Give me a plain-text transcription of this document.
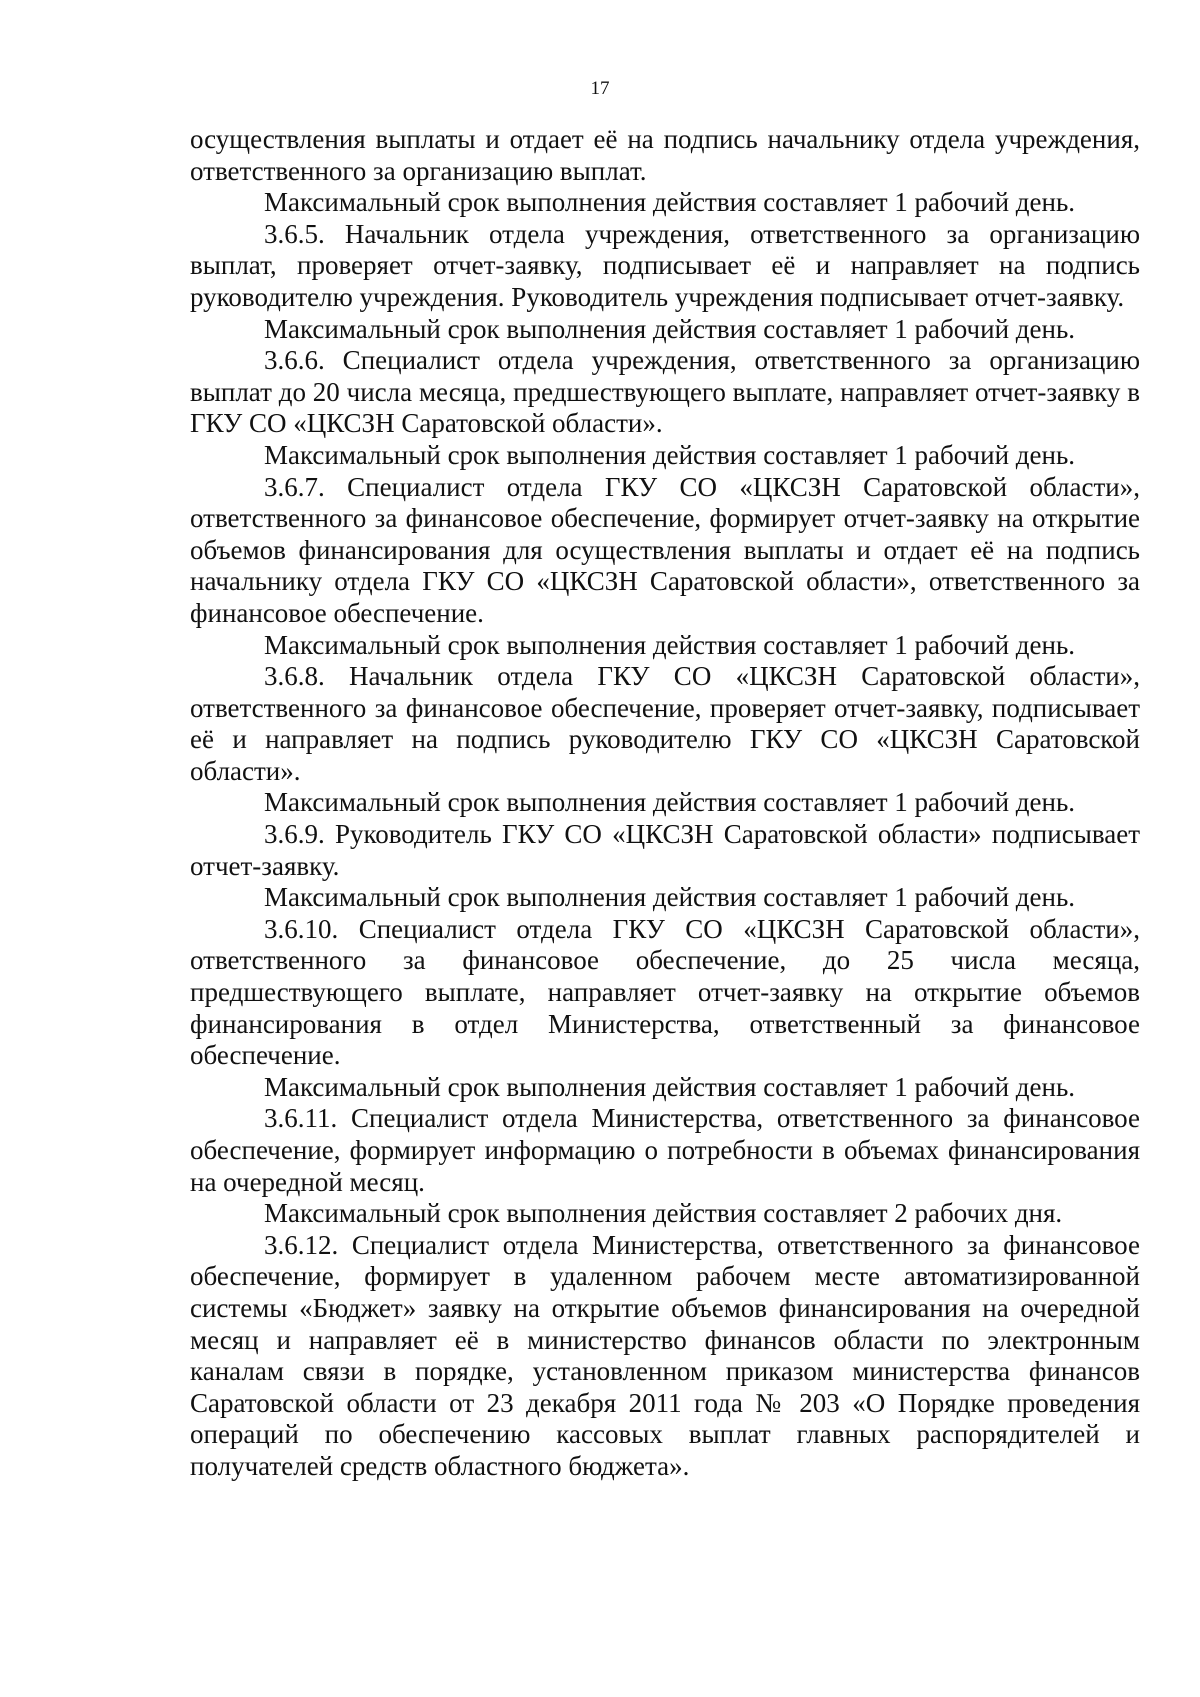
17

осуществления выплаты и отдает её на подпись начальнику отдела учреждения, ответственного за организацию выплат.

Максимальный срок выполнения действия составляет 1 рабочий день.

3.6.5. Начальник отдела учреждения, ответственного за организацию выплат, проверяет отчет-заявку, подписывает её и направляет на подпись руководителю учреждения. Руководитель учреждения подписывает отчет-заявку.

Максимальный срок выполнения действия составляет 1 рабочий день.

3.6.6. Специалист отдела учреждения, ответственного за организацию выплат до 20 числа месяца, предшествующего выплате, направляет отчет-заявку в ГКУ СО «ЦКСЗН Саратовской области».

Максимальный срок выполнения действия составляет 1 рабочий день.

3.6.7. Специалист отдела ГКУ СО «ЦКСЗН Саратовской области», ответственного за финансовое обеспечение, формирует отчет-заявку на открытие объемов финансирования для осуществления выплаты и отдает её на подпись начальнику отдела ГКУ СО «ЦКСЗН Саратовской области», ответственного за финансовое обеспечение.

Максимальный срок выполнения действия составляет 1 рабочий день.

3.6.8. Начальник отдела ГКУ СО «ЦКСЗН Саратовской области», ответственного за финансовое обеспечение, проверяет отчет-заявку, подписывает её и направляет на подпись руководителю ГКУ СО «ЦКСЗН Саратовской области».

Максимальный срок выполнения действия составляет 1 рабочий день.

3.6.9. Руководитель ГКУ СО «ЦКСЗН Саратовской области» подписывает отчет-заявку.

Максимальный срок выполнения действия составляет 1 рабочий день.

3.6.10. Специалист отдела ГКУ СО «ЦКСЗН Саратовской области», ответственного за финансовое обеспечение, до 25 числа месяца, предшествующего выплате, направляет отчет-заявку на открытие объемов финансирования в отдел Министерства, ответственный за финансовое обеспечение.

Максимальный срок выполнения действия составляет 1 рабочий день.

3.6.11. Специалист отдела Министерства, ответственного за финансовое обеспечение, формирует информацию о потребности в объемах финансирования на очередной месяц.

Максимальный срок выполнения действия составляет 2 рабочих дня.

3.6.12. Специалист отдела Министерства, ответственного за финансовое обеспечение, формирует в удаленном рабочем месте автоматизированной системы «Бюджет» заявку на открытие объемов финансирования на очередной месяц и направляет её в министерство финансов области по электронным каналам связи в порядке, установленном приказом министерства финансов Саратовской области от 23 декабря 2011 года № 203 «О Порядке проведения операций по обеспечению кассовых выплат главных распорядителей и получателей средств областного бюджета».
